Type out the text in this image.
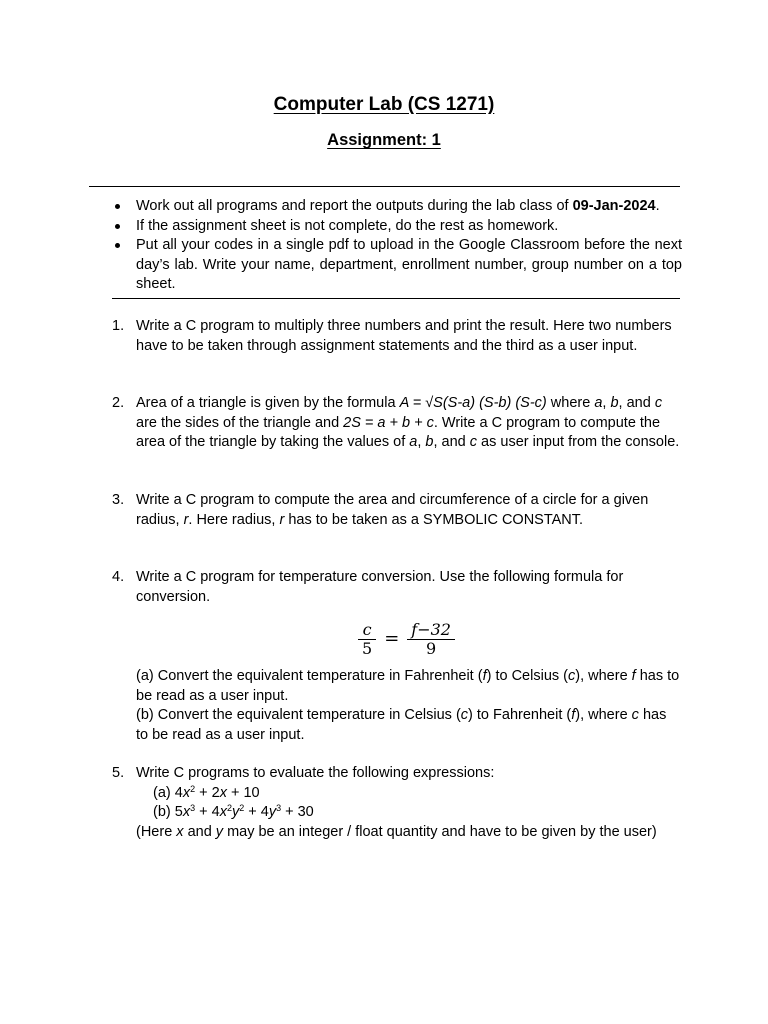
Computer Lab (CS 1271)
Assignment: 1
Work out all programs and report the outputs during the lab class of 09-Jan-2024.
If the assignment sheet is not complete, do the rest as homework.
Put all your codes in a single pdf to upload in the Google Classroom before the next day’s lab. Write your name, department, enrollment number, group number on a top sheet.
1. Write a C program to multiply three numbers and print the result. Here two numbers have to be taken through assignment statements and the third as a user input.
2. Area of a triangle is given by the formula A = √S(S-a) (S-b) (S-c) where a, b, and c are the sides of the triangle and 2S = a + b + c. Write a C program to compute the area of the triangle by taking the values of a, b, and c as user input from the console.
3. Write a C program to compute the area and circumference of a circle for a given radius, r. Here radius, r has to be taken as a SYMBOLIC CONSTANT.
4. Write a C program for temperature conversion. Use the following formula for conversion.
$\frac{c}{5} = \frac{f-32}{9}$
(a) Convert the equivalent temperature in Fahrenheit (f) to Celsius (c), where f has to be read as a user input.
(b) Convert the equivalent temperature in Celsius (c) to Fahrenheit (f), where c has to be read as a user input.
5. Write C programs to evaluate the following expressions:
(a) $4x^2 + 2x + 10$
(b) $5x^3 + 4x^2y^2 + 4y^3 + 30$
(Here x and y may be an integer / float quantity and have to be given by the user)
